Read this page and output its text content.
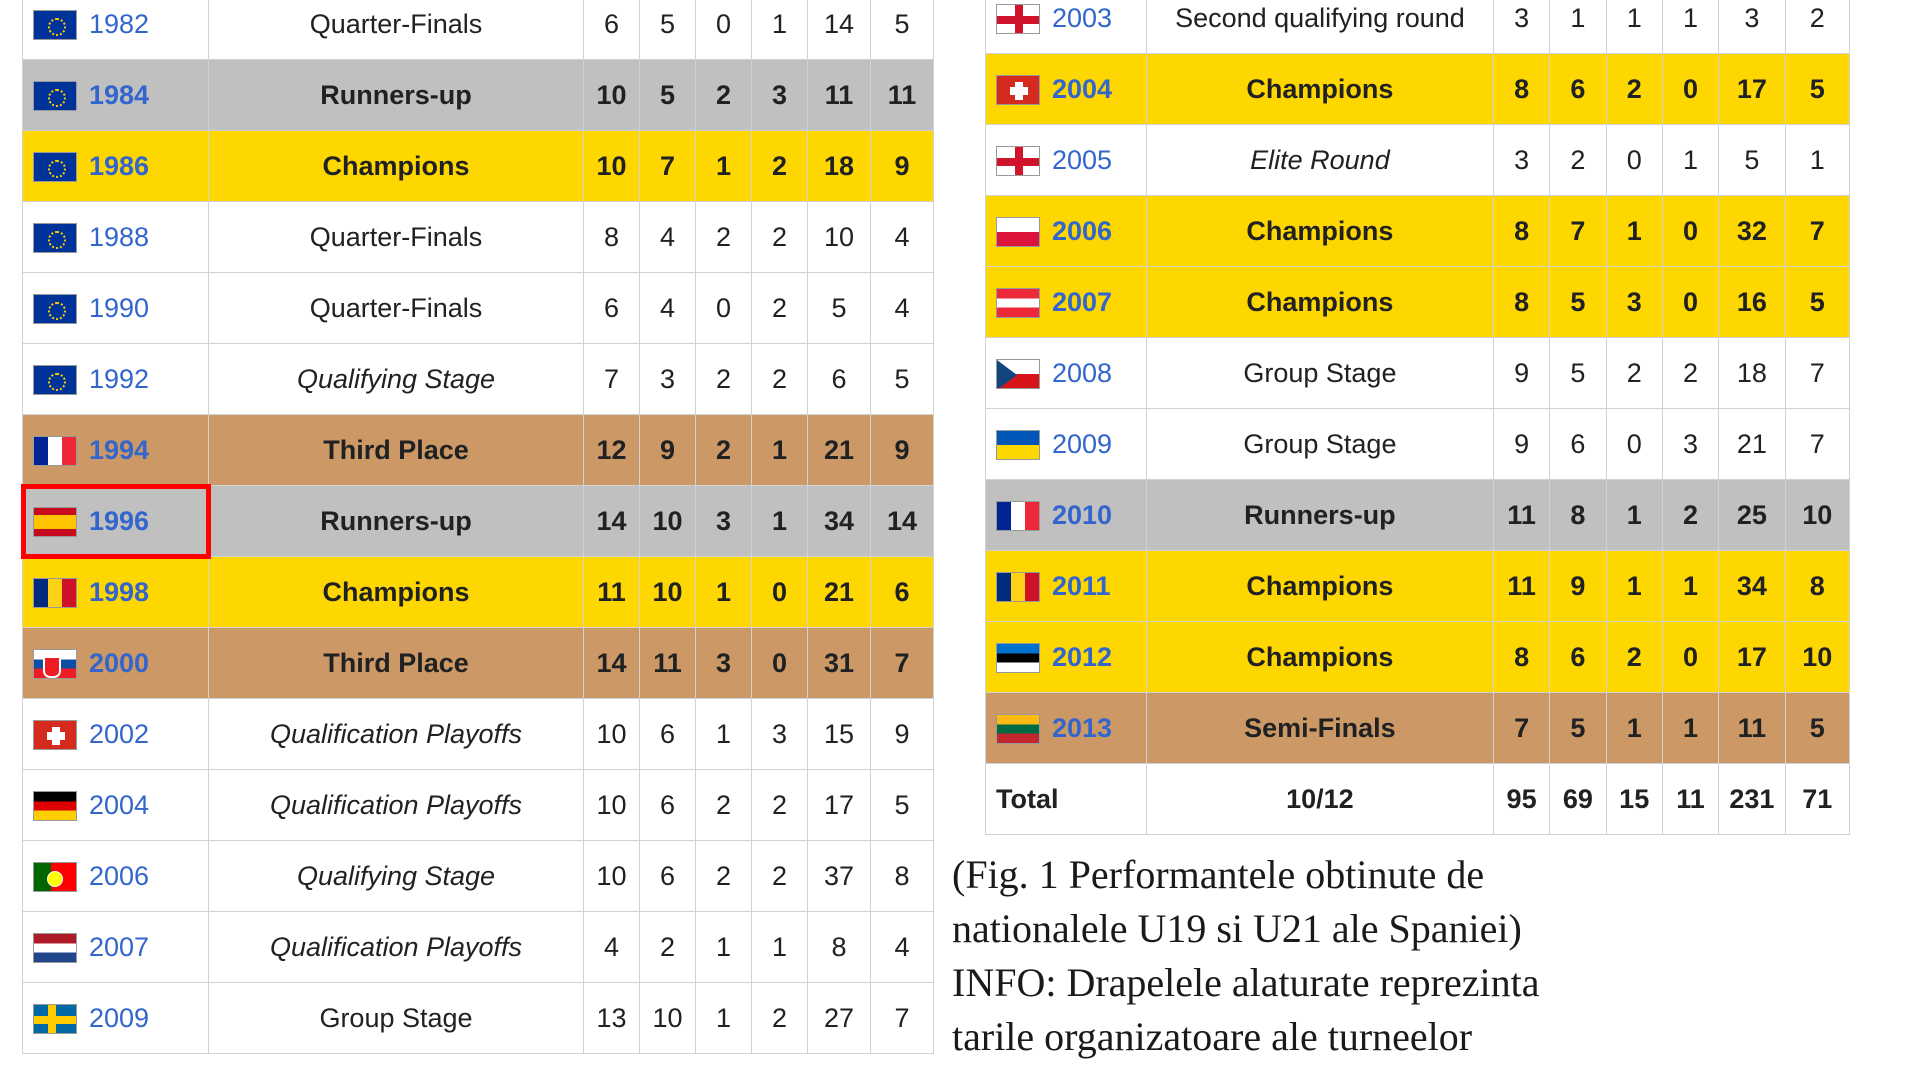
1982	Quarter-Finals	6	5	0	1	14	5
1984	Runners-up	10	5	2	3	11	11
1986	Champions	10	7	1	2	18	9
1988	Quarter-Finals	8	4	2	2	10	4
1990	Quarter-Finals	6	4	0	2	5	4
1992	Qualifying Stage	7	3	2	2	6	5
1994	Third Place	12	9	2	1	21	9
1996	Runners-up	14	10	3	1	34	14
1998	Champions	11	10	1	0	21	6
2000	Third Place	14	11	3	0	31	7
2002	Qualification Playoffs	10	6	1	3	15	9
2004	Qualification Playoffs	10	6	2	2	17	5
2006	Qualifying Stage	10	6	2	2	37	8
2007	Qualification Playoffs	4	2	1	1	8	4
2009	Group Stage	13	10	1	2	27	7
2003	Second qualifying round	3	1	1	1	3	2
2004	Champions	8	6	2	0	17	5
2005	Elite Round	3	2	0	1	5	1
2006	Champions	8	7	1	0	32	7
2007	Champions	8	5	3	0	16	5
2008	Group Stage	9	5	2	2	18	7
2009	Group Stage	9	6	0	3	21	7
2010	Runners-up	11	8	1	2	25	10
2011	Champions	11	9	1	1	34	8
2012	Champions	8	6	2	0	17	10
2013	Semi-Finals	7	5	1	1	11	5
Total	10/12	95	69	15	11	231	71
(Fig. 1 Performantele obtinute de
nationalele U19 si U21 ale Spaniei)
INFO: Drapelele alaturate reprezinta
tarile organizatoare ale turneelor
